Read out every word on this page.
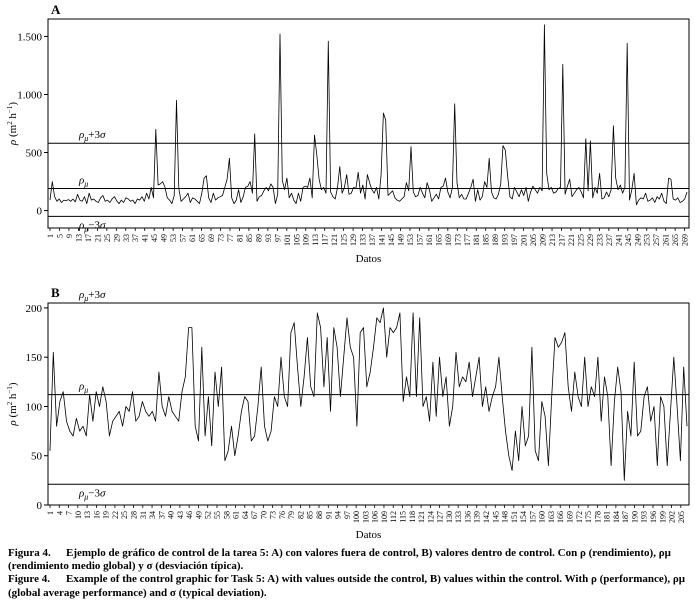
A
0
500
1.000
1.500
ρ ($m^2$ $h^{-1}$)
1 5 9 13 17 21 25 29 33 37 41 45 49 53 57 61 65 69 73 77 81 85 89 93 97 101 105 109 113 117 121 125 129 133 137 141 145 149 153 157 161 165 169 173 177 181 185 189 193 197 201 205 209 213 217 221 225 229 233 237 241 245 249 253 257 261 265 269
Datos
$\rho_\mu+3\sigma$
$\rho_\mu$
$\rho_\mu-3\sigma$
B
0
50
100
150
200
ρ ($m^2$ $h^{-1}$)
1 4 7 10 13 16 19 22 25 28 31 34 37 40 43 46 49 52 55 58 61 64 67 70 73 76 79 82 85 88 91 94 97 100 103 106 109 112 115 118 121 124 127 130 133 136 139 142 145 148 151 154 157 160 163 166 169 172 175 178 181 184 187 190 193 196 199 202 205
Datos
$\rho_\mu+3\sigma$
$\rho_\mu$
$\rho_\mu-3\sigma$

Figura 4. Ejemplo de gráfico de control de la tarea 5: A) con valores fuera de control, B) valores dentro de control. Con ρ (rendimiento), ρμ (rendimiento medio global) y σ (desviación típica).

Figure 4. Example of the control graphic for Task 5: A) with values outside the control, B) values within the control. With ρ (performance), ρμ (global average performance) and σ (typical deviation).
